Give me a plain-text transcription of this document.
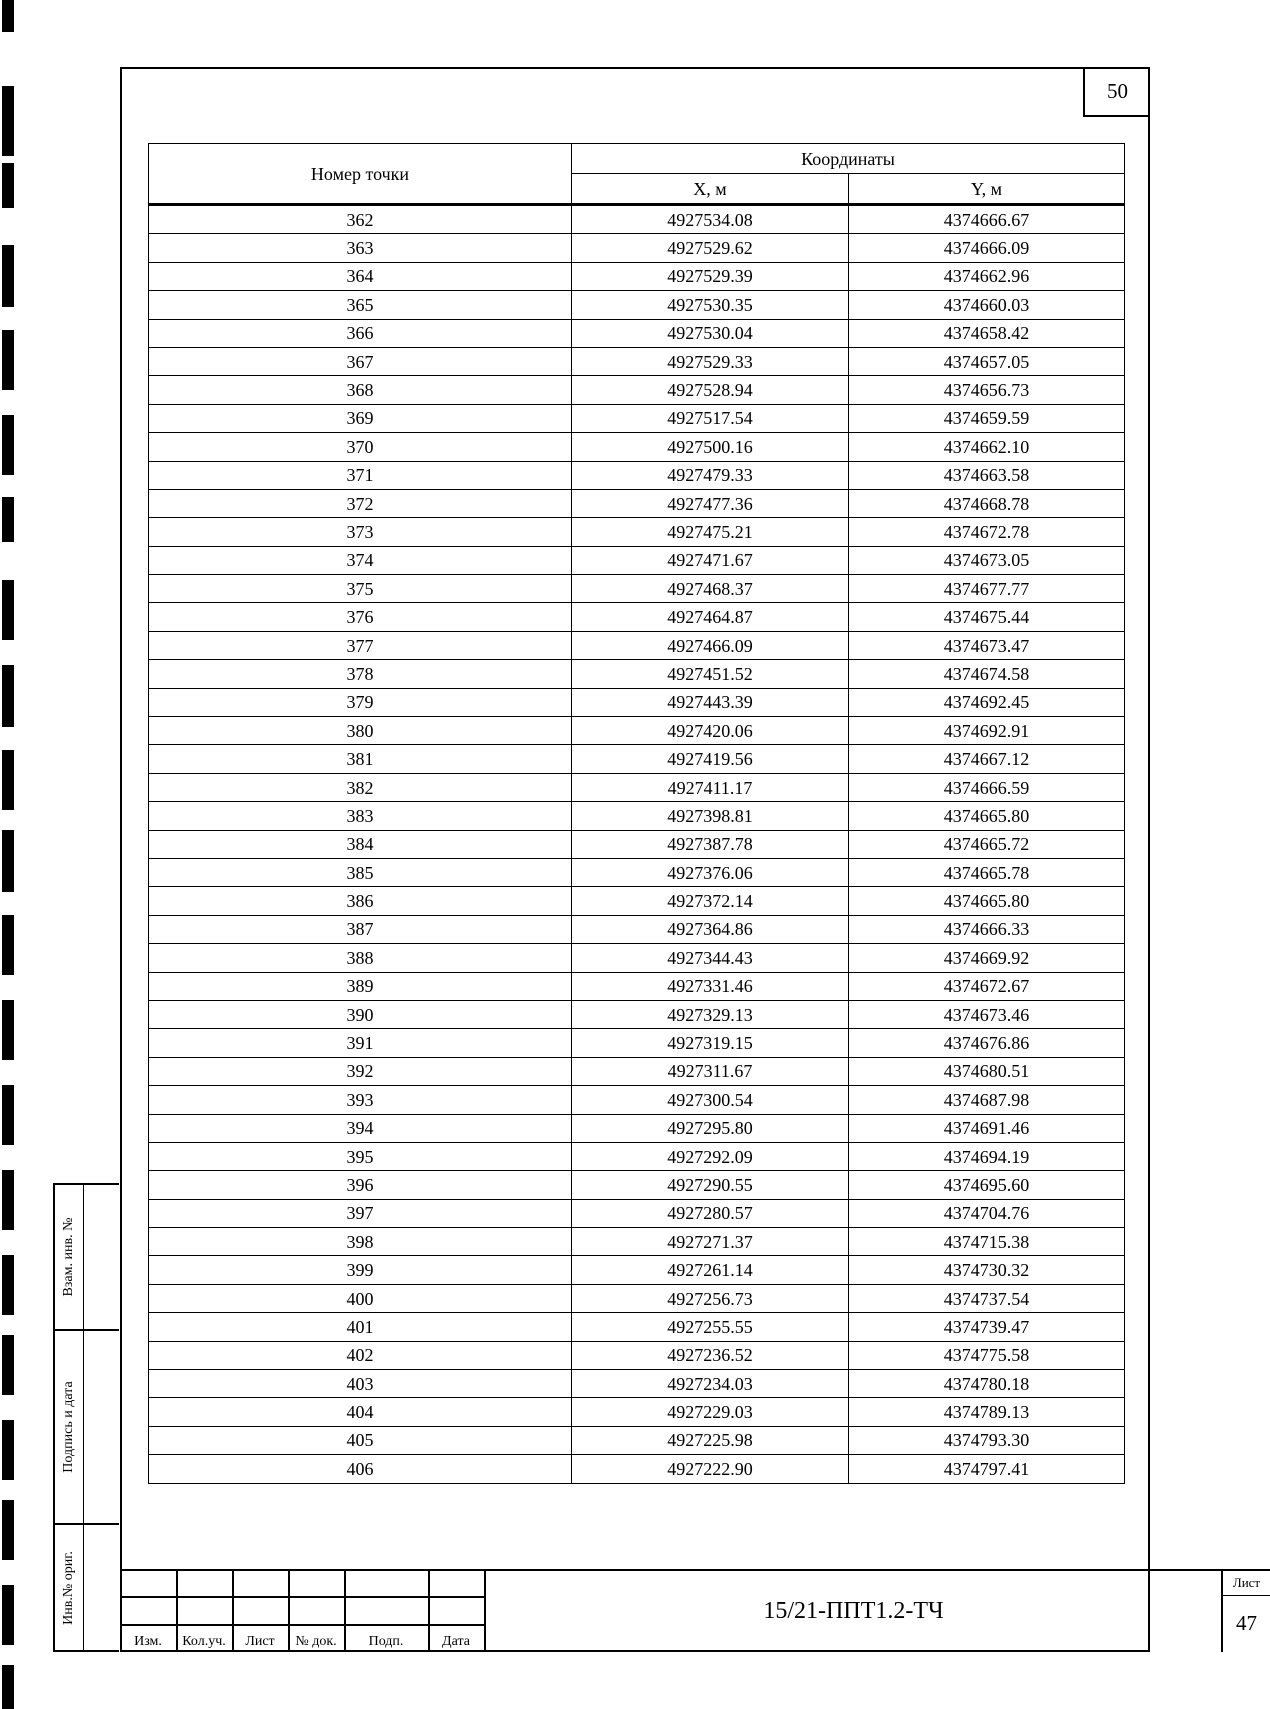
50
Номер точки	Координаты	
	X, м	Y, м
362	4927534.08	4374666.67
363	4927529.62	4374666.09
364	4927529.39	4374662.96
365	4927530.35	4374660.03
366	4927530.04	4374658.42
367	4927529.33	4374657.05
368	4927528.94	4374656.73
369	4927517.54	4374659.59
370	4927500.16	4374662.10
371	4927479.33	4374663.58
372	4927477.36	4374668.78
373	4927475.21	4374672.78
374	4927471.67	4374673.05
375	4927468.37	4374677.77
376	4927464.87	4374675.44
377	4927466.09	4374673.47
378	4927451.52	4374674.58
379	4927443.39	4374692.45
380	4927420.06	4374692.91
381	4927419.56	4374667.12
382	4927411.17	4374666.59
383	4927398.81	4374665.80
384	4927387.78	4374665.72
385	4927376.06	4374665.78
386	4927372.14	4374665.80
387	4927364.86	4374666.33
388	4927344.43	4374669.92
389	4927331.46	4374672.67
390	4927329.13	4374673.46
391	4927319.15	4374676.86
392	4927311.67	4374680.51
393	4927300.54	4374687.98
394	4927295.80	4374691.46
395	4927292.09	4374694.19
396	4927290.55	4374695.60
397	4927280.57	4374704.76
398	4927271.37	4374715.38
399	4927261.14	4374730.32
400	4927256.73	4374737.54
401	4927255.55	4374739.47
402	4927236.52	4374775.58
403	4927234.03	4374780.18
404	4927229.03	4374789.13
405	4927225.98	4374793.30
406	4927222.90	4374797.41
Взам. инв. №
Подпись и дата
Инв.№ ориг.
Изм.	Кол.уч.	Лист	№ док.	Подп.	Дата
15/21-ППТ1.2-ТЧ
Лист
47
